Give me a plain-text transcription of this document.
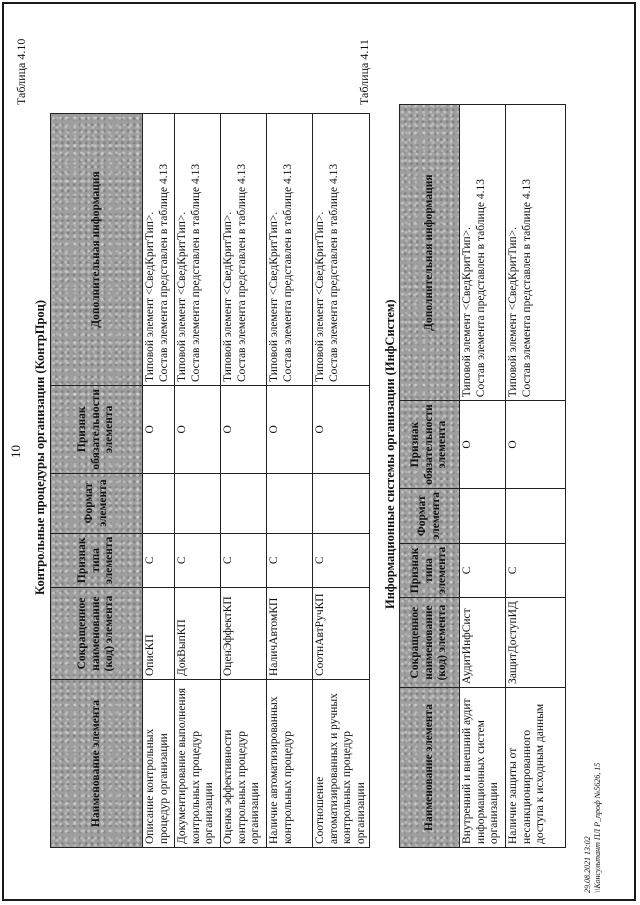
10
Таблица 4.10
Контрольные процедуры организации (КонтрПроц)
Наименование элемента	Сокращенное наименование (код) элемента	Признак типа элемента	Формат элемента	Признак обязательности элемента	Дополнительная информация
Описание контрольных процедур организации	ОписКП	С		О	Типовой элемент <СведКритТип>. Состав элемента представлен в таблице 4.13

Документирование выполнения контрольных процедур организации	ДокВыпКП	С		О	Типовой элемент <СведКритТип>. Состав элемента представлен в таблице 4.13

Оценка эффективности контрольных процедур организации	ОценЭффектКП	С		О	Типовой элемент <СведКритТип>. Состав элемента представлен в таблице 4.13

Наличие автоматизированных контрольных процедур	НаличАвтомКП	С		О	Типовой элемент <СведКритТип>. Состав элемента представлен в таблице 4.13

Соотношение автоматизированных и ручных контрольных процедур организации	СоотнАвтРучКП	С		О	Типовой элемент <СведКритТип>. Состав элемента представлен в таблице 4.13
Таблица 4.11
Информационные системы организации (ИнфСистем)
Наименование элемента	Сокращенное наименование (код) элемента	Признак типа элемента	Формат элемента	Признак обязательности элемента	Дополнительная информация
Внутренний и внешний аудит информационных систем организации	АудитИнфСист	С		О	Типовой элемент <СведКритТип>. Состав элемента представлен в таблице 4.13

Наличие защиты от несанкционированного доступа к исходным данным	ЗащитДоступИД	С		О	Типовой элемент <СведКритТип>. Состав элемента представлен в таблице 4.13
29.08.2021 13:02 \\Консультант ПЛ Р_проф №5626, 15
